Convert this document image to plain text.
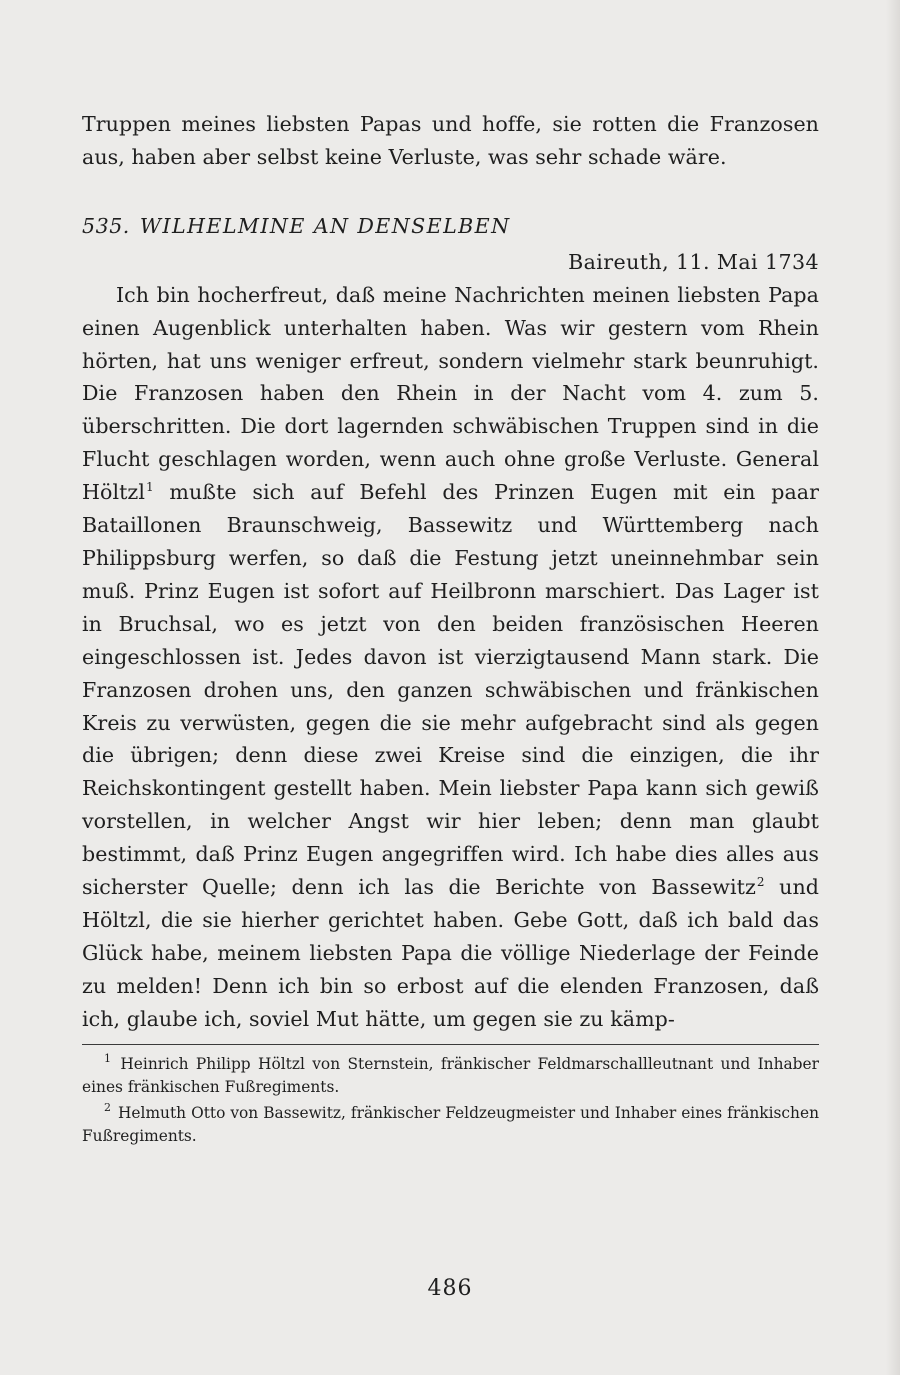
Truppen meines liebsten Papas und hoffe, sie rotten die Franzosen aus, haben aber selbst keine Verluste, was sehr schade wäre.

535. WILHELMINE AN DENSELBEN
Baireuth, 11. Mai 1734

Ich bin hocherfreut, daß meine Nachrichten meinen liebsten Papa einen Augenblick unterhalten haben. Was wir gestern vom Rhein hörten, hat uns weniger erfreut, sondern vielmehr stark beunruhigt. Die Franzosen haben den Rhein in der Nacht vom 4. zum 5. überschritten. Die dort lagernden schwäbischen Truppen sind in die Flucht geschlagen worden, wenn auch ohne große Verluste. General Höltzl$^1$ mußte sich auf Befehl des Prinzen Eugen mit ein paar Bataillonen Braunschweig, Bassewitz und Württemberg nach Philippsburg werfen, so daß die Festung jetzt uneinnehmbar sein muß. Prinz Eugen ist sofort auf Heilbronn marschiert. Das Lager ist in Bruchsal, wo es jetzt von den beiden französischen Heeren eingeschlossen ist. Jedes davon ist vierzigtausend Mann stark. Die Franzosen drohen uns, den ganzen schwäbischen und fränkischen Kreis zu verwüsten, gegen die sie mehr aufgebracht sind als gegen die übrigen; denn diese zwei Kreise sind die einzigen, die ihr Reichskontingent gestellt haben. Mein liebster Papa kann sich gewiß vorstellen, in welcher Angst wir hier leben; denn man glaubt bestimmt, daß Prinz Eugen angegriffen wird. Ich habe dies alles aus sicherster Quelle; denn ich las die Berichte von Bassewitz$^2$ und Höltzl, die sie hierher gerichtet haben. Gebe Gott, daß ich bald das Glück habe, meinem liebsten Papa die völlige Niederlage der Feinde zu melden! Denn ich bin so erbost auf die elenden Franzosen, daß ich, glaube ich, soviel Mut hätte, um gegen sie zu kämp-

$^1$ Heinrich Philipp Höltzl von Sternstein, fränkischer Feldmarschallleutnant und Inhaber eines fränkischen Fußregiments.

$^2$ Helmuth Otto von Bassewitz, fränkischer Feldzeugmeister und Inhaber eines fränkischen Fußregiments.

486
